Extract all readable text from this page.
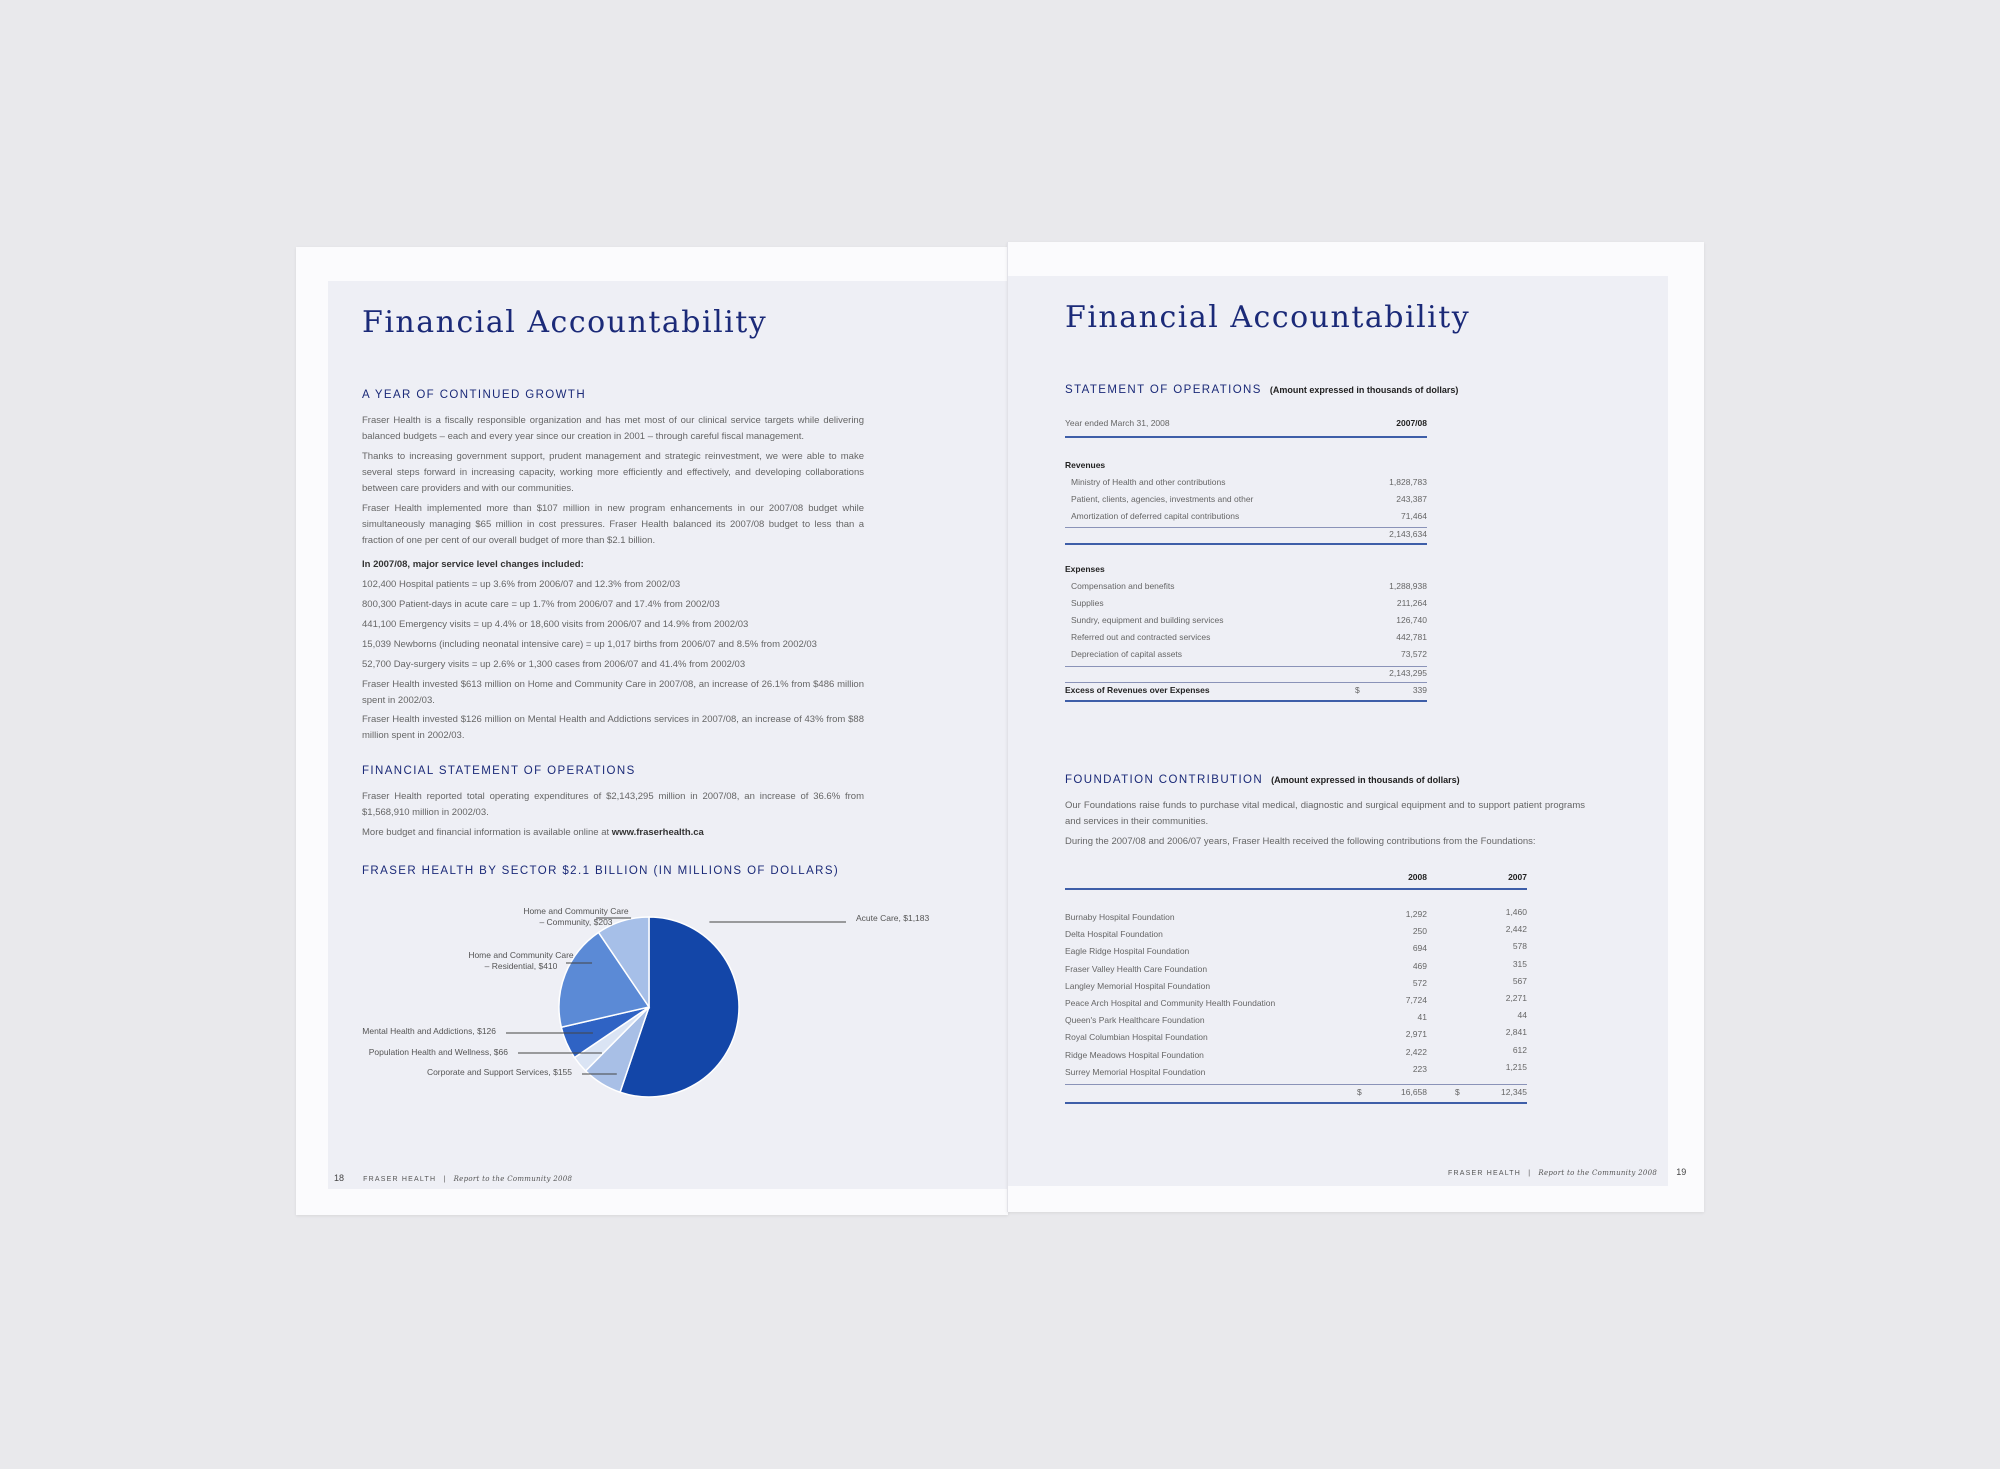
Financial Accountability
A YEAR OF CONTINUED GROWTH
Fraser Health is a fiscally responsible organization and has met most of our clinical service targets while delivering balanced budgets – each and every year since our creation in 2001 – through careful fiscal management.
Thanks to increasing government support, prudent management and strategic reinvestment, we were able to make several steps forward in increasing capacity, working more efficiently and effectively, and developing collaborations between care providers and with our communities.
Fraser Health implemented more than $107 million in new program enhancements in our 2007/08 budget while simultaneously managing $65 million in cost pressures. Fraser Health balanced its 2007/08 budget to less than a fraction of one per cent of our overall budget of more than $2.1 billion.
In 2007/08, major service level changes included:
102,400 Hospital patients = up 3.6% from 2006/07 and 12.3% from 2002/03
800,300 Patient-days in acute care = up 1.7% from 2006/07 and 17.4% from 2002/03
441,100 Emergency visits = up 4.4% or 18,600 visits from 2006/07 and 14.9% from 2002/03
15,039 Newborns (including neonatal intensive care) = up 1,017 births from 2006/07 and 8.5% from 2002/03
52,700 Day-surgery visits = up 2.6% or 1,300 cases from 2006/07 and 41.4% from 2002/03
Fraser Health invested $613 million on Home and Community Care in 2007/08, an increase of 26.1% from $486 million spent in 2002/03.
Fraser Health invested $126 million on Mental Health and Addictions services in 2007/08, an increase of 43% from $88 million spent in 2002/03.
FINANCIAL STATEMENT OF OPERATIONS
Fraser Health reported total operating expenditures of $2,143,295 million in 2007/08, an increase of 36.6% from $1,568,910 million in 2002/03.
More budget and financial information is available online at www.fraserhealth.ca
FRASER HEALTH BY SECTOR $2.1 BILLION (IN MILLIONS OF DOLLARS)
Acute Care, $1,183
Corporate and Support Services, $155
Population Health and Wellness, $66
Mental Health and Addictions, $126
Home and Community Care – Residential, $410
Home and Community Care – Community, $203
18	FRASER HEALTH | Report to the Community 2008
Financial Accountability
STATEMENT OF OPERATIONS (Amount expressed in thousands of dollars)
Year ended March 31, 2008	2007/08
Revenues
Ministry of Health and other contributions	1,828,783
Patient, clients, agencies, investments and other	243,387
Amortization of deferred capital contributions	71,464
2,143,634
Expenses
Compensation and benefits	1,288,938
Supplies	211,264
Sundry, equipment and building services	126,740
Referred out and contracted services	442,781
Depreciation of capital assets	73,572
2,143,295
Excess of Revenues over Expenses	$	339
FOUNDATION CONTRIBUTION (Amount expressed in thousands of dollars)
Our Foundations raise funds to purchase vital medical, diagnostic and surgical equipment and to support patient programs and services in their communities.
During the 2007/08 and 2006/07 years, Fraser Health received the following contributions from the Foundations:
2008	2007
Burnaby Hospital Foundation	1,292	1,460
Delta Hospital Foundation	250	2,442
Eagle Ridge Hospital Foundation	694	578
Fraser Valley Health Care Foundation	469	315
Langley Memorial Hospital Foundation	572	567
Peace Arch Hospital and Community Health Foundation	7,724	2,271
Queen's Park Healthcare Foundation	41	44
Royal Columbian Hospital Foundation	2,971	2,841
Ridge Meadows Hospital Foundation	2,422	612
Surrey Memorial Hospital Foundation	223	1,215
$	16,658	$	12,345
FRASER HEALTH | Report to the Community 2008 19
